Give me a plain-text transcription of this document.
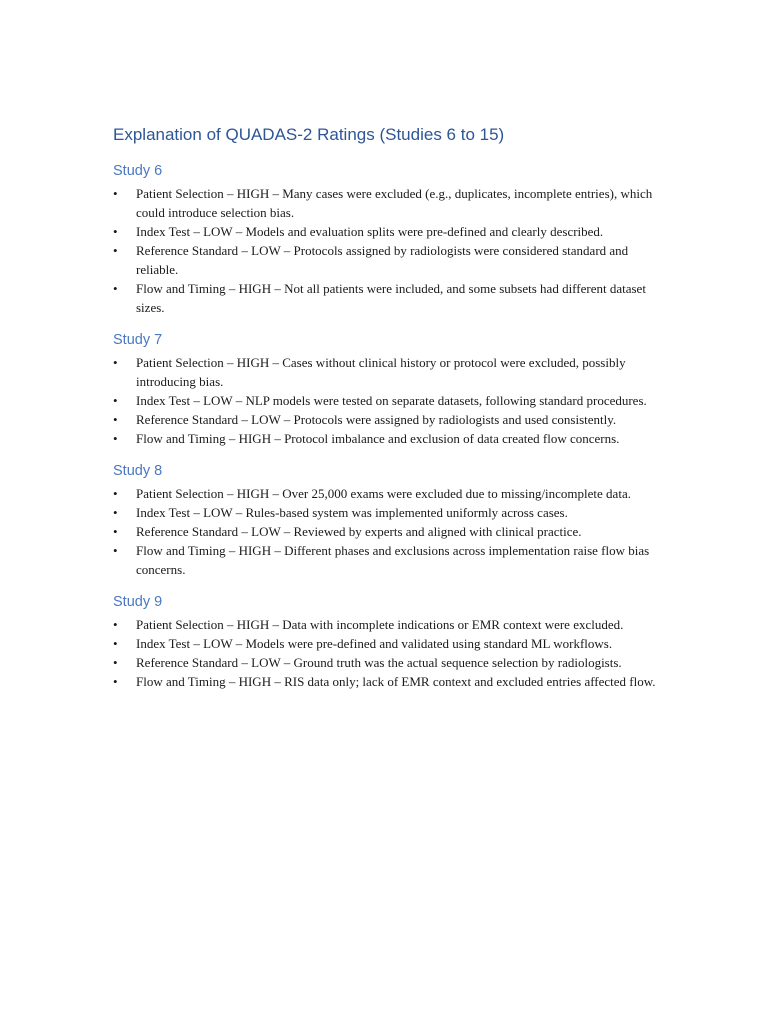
Explanation of QUADAS-2 Ratings (Studies 6 to 15)
Study 6
• Patient Selection – HIGH – Many cases were excluded (e.g., duplicates, incomplete entries), which could introduce selection bias.
• Index Test – LOW – Models and evaluation splits were pre-defined and clearly described.
• Reference Standard – LOW – Protocols assigned by radiologists were considered standard and reliable.
• Flow and Timing – HIGH – Not all patients were included, and some subsets had different dataset sizes.
Study 7
• Patient Selection – HIGH – Cases without clinical history or protocol were excluded, possibly introducing bias.
• Index Test – LOW – NLP models were tested on separate datasets, following standard procedures.
• Reference Standard – LOW – Protocols were assigned by radiologists and used consistently.
• Flow and Timing – HIGH – Protocol imbalance and exclusion of data created flow concerns.
Study 8
• Patient Selection – HIGH – Over 25,000 exams were excluded due to missing/incomplete data.
• Index Test – LOW – Rules-based system was implemented uniformly across cases.
• Reference Standard – LOW – Reviewed by experts and aligned with clinical practice.
• Flow and Timing – HIGH – Different phases and exclusions across implementation raise flow bias concerns.
Study 9
• Patient Selection – HIGH – Data with incomplete indications or EMR context were excluded.
• Index Test – LOW – Models were pre-defined and validated using standard ML workflows.
• Reference Standard – LOW – Ground truth was the actual sequence selection by radiologists.
• Flow and Timing – HIGH – RIS data only; lack of EMR context and excluded entries affected flow.
